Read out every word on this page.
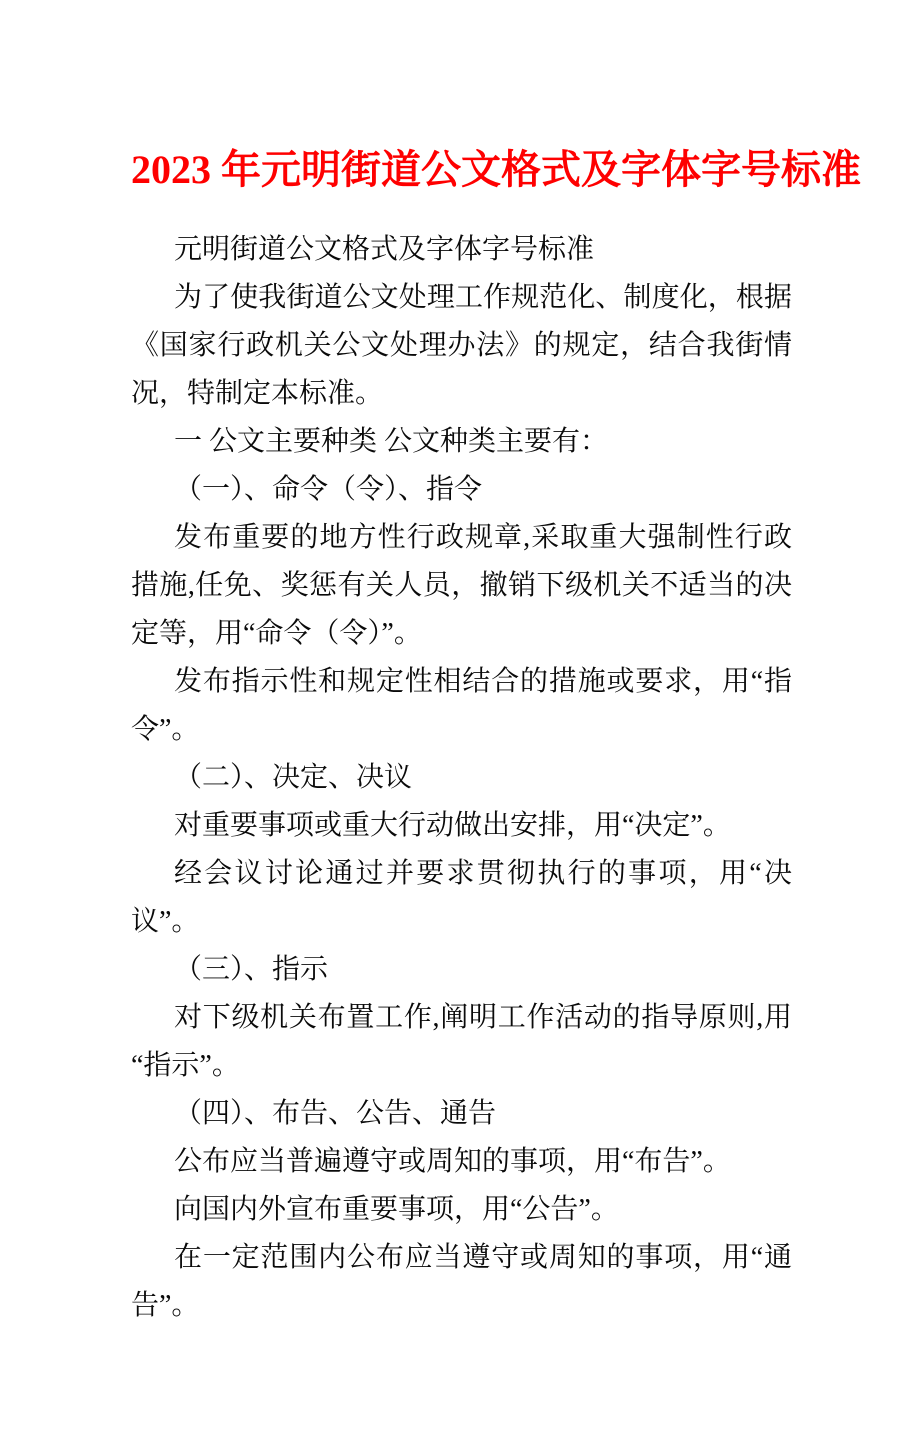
2023 年元明街道公文格式及字体字号标准

元明街道公文格式及字体字号标准

为了使我街道公文处理工作规范化、制度化，根据《国家行政机关公文处理办法》的规定，结合我街情况，特制定本标准。

一 公文主要种类 公文种类主要有：

（一）、命令（令）、指令

发布重要的地方性行政规章,采取重大强制性行政措施,任免、奖惩有关人员，撤销下级机关不适当的决定等，用“命令（令）”。

发布指示性和规定性相结合的措施或要求，用“指令”。

（二）、决定、决议

对重要事项或重大行动做出安排，用“决定”。

经会议讨论通过并要求贯彻执行的事项，用“决议”。

（三）、指示

对下级机关布置工作,阐明工作活动的指导原则,用“指示”。

（四）、布告、公告、通告

公布应当普遍遵守或周知的事项，用“布告”。

向国内外宣布重要事项，用“公告”。

在一定范围内公布应当遵守或周知的事项，用“通告”。
